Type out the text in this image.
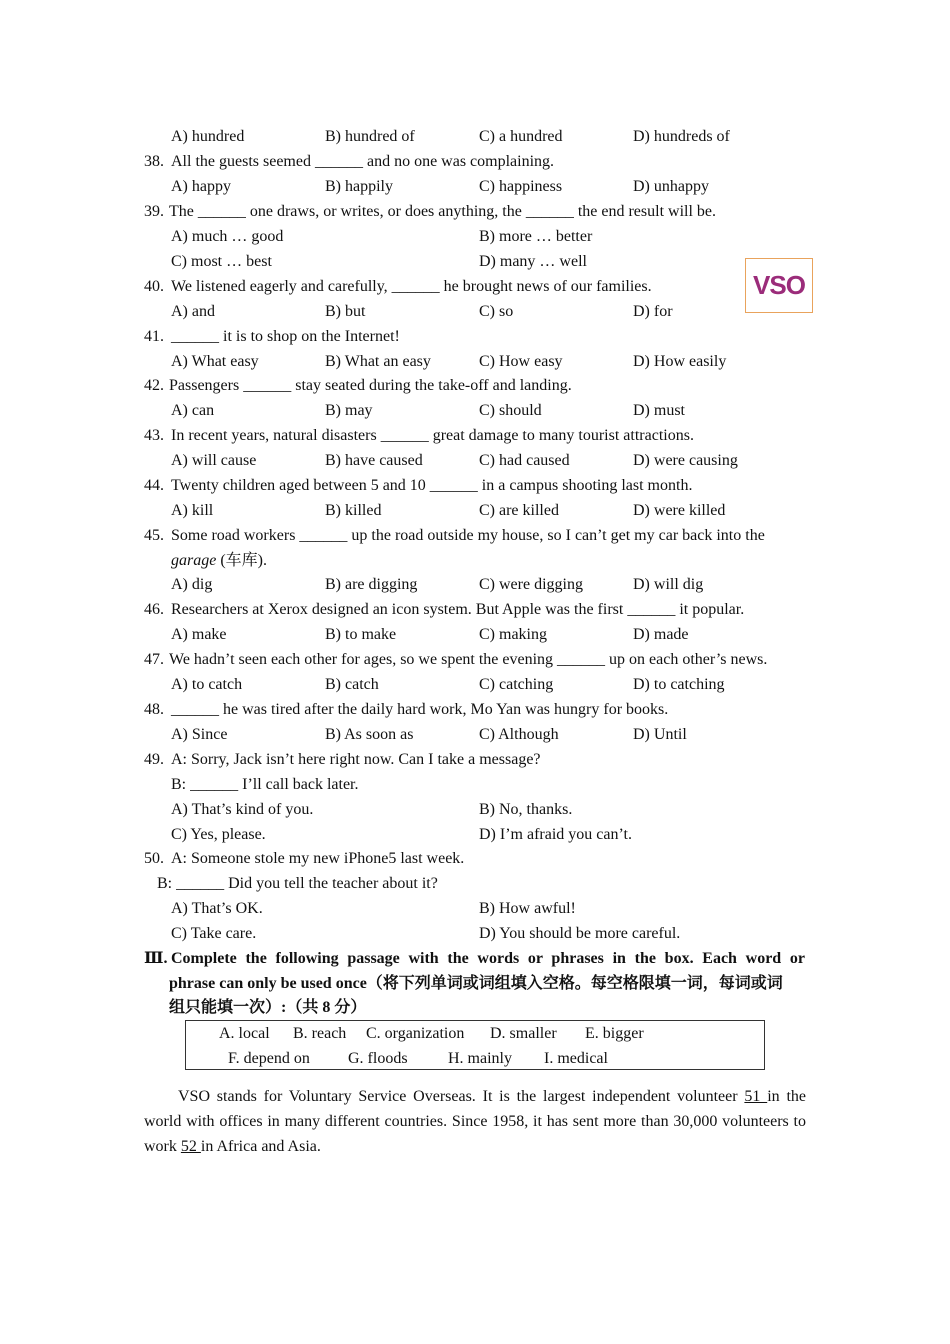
A) hundred	B) hundred of	C) a hundred	D) hundreds of
38. All the guests seemed ______ and no one was complaining.
A) happy	B) happily	C) happiness	D) unhappy
39. The ______ one draws, or writes, or does anything, the ______ the end result will be.
A) much … good	B) more … better
C) most … best	D) many … well
VSO
40. We listened eagerly and carefully, ______ he brought news of our families.
A) and	B) but	C) so	D) for
41. ______ it is to shop on the Internet!
A) What easy	B) What an easy	C) How easy	D) How easily
42. Passengers ______ stay seated during the take-off and landing.
A) can	B) may	C) should	D) must
43. In recent years, natural disasters ______ great damage to many tourist attractions.
A) will cause	B) have caused	C) had caused	D) were causing
44. Twenty children aged between 5 and 10 ______ in a campus shooting last month.
A) kill	B) killed	C) are killed	D) were killed
45. Some road workers ______ up the road outside my house, so I can’t get my car back into the
garage (车库).
A) dig	B) are digging	C) were digging	D) will dig
46. Researchers at Xerox designed an icon system. But Apple was the first ______ it popular.
A) make	B) to make	C) making	D) made
47. We hadn’t seen each other for ages, so we spent the evening ______ up on each other’s news.
A) to catch	B) catch	C) catching	D) to catching
48. ______ he was tired after the daily hard work, Mo Yan was hungry for books.
A) Since	B) As soon as	C) Although	D) Until
49. A: Sorry, Jack isn’t here right now. Can I take a message?
B: ______ I’ll call back later.
A) That’s kind of you.	B) No, thanks.
C) Yes, please.	D) I’m afraid you can’t.
50. A: Someone stole my new iPhone5 last week.
B: ______ Did you tell the teacher about it?
A) That’s OK.	B) How awful!
C) Take care.	D) You should be more careful.
Ⅲ. Complete the following passage with the words or phrases in the box. Each word or
phrase can only be used once（将下列单词或词组填入空格。每空格限填一词，每词或词
组只能填一次）:（共 8 分）
A. local B. reach C. organization D. smaller E. bigger
F. depend on G. floods	H. mainly I. medical
VSO stands for Voluntary Service Overseas. It is the largest independent volunteer 51 in the world with offices in many different countries. Since 1958, it has sent more than 30,000 volunteers to work 52 in Africa and Asia.
